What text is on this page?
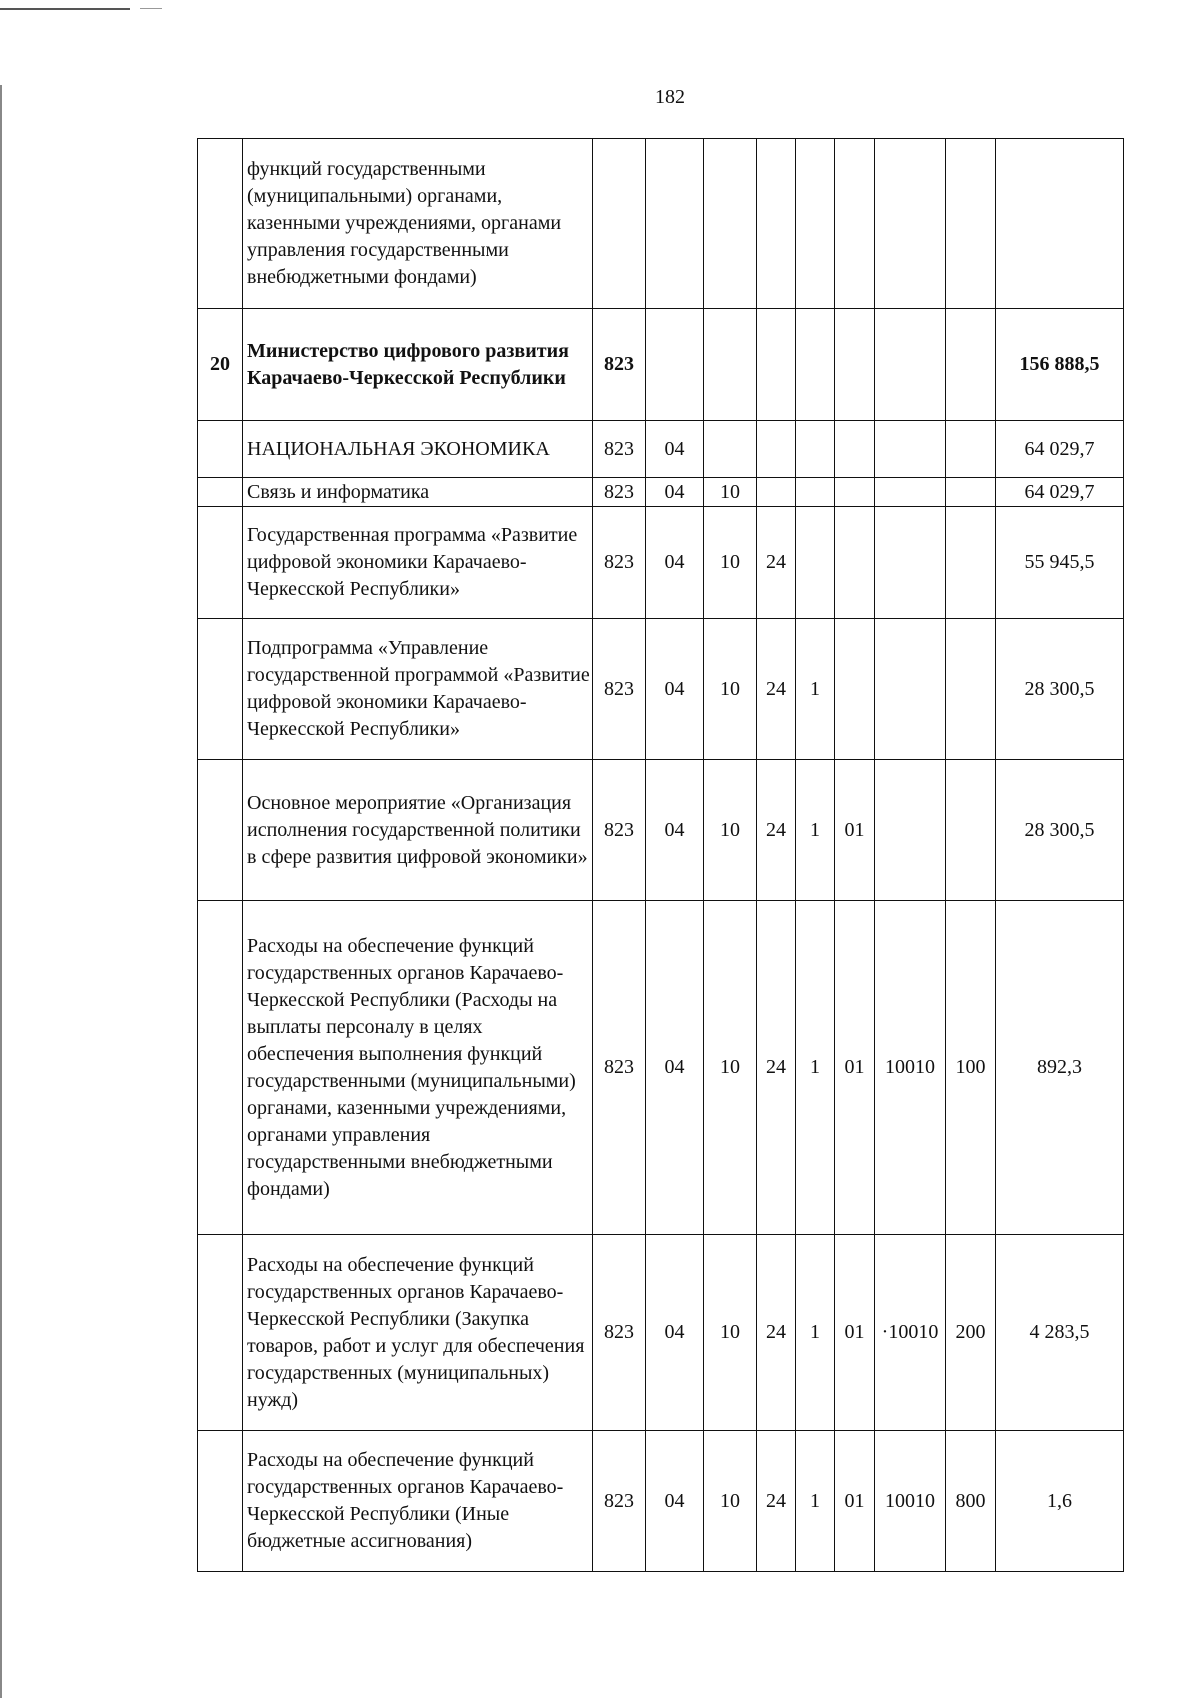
182
	функций государственными (муниципальными) органами, казенными учреждениями, органами управления государственными внебюджетными фондами)									
20	Министерство цифрового развития Карачаево-Черкесской Республики	823								156 888,5
	НАЦИОНАЛЬНАЯ ЭКОНОМИКА	823	04							64 029,7
	Связь и информатика	823	04	10						64 029,7
	Государственная программа «Развитие цифровой экономики Карачаево-Черкесской Республики»	823	04	10	24					55 945,5
	Подпрограмма «Управление государственной программой «Развитие цифровой экономики Карачаево-Черкесской Республики»	823	04	10	24	1				28 300,5
	Основное мероприятие «Организация исполнения государственной политики в сфере развития цифровой экономики»	823	04	10	24	1	01			28 300,5
	Расходы на обеспечение функций государственных органов Карачаево-Черкесской Республики (Расходы на выплаты персоналу в целях обеспечения выполнения функций государственными (муниципальными) органами, казенными учреждениями, органами управления государственными внебюджетными фондами)	823	04	10	24	1	01	10010	100	892,3
	Расходы на обеспечение функций государственных органов Карачаево-Черкесской Республики (Закупка товаров, работ и услуг для обеспечения государственных (муниципальных) нужд)	823	04	10	24	1	01	·10010	200	4 283,5
	Расходы на обеспечение функций государственных органов Карачаево-Черкесской Республики (Иные бюджетные ассигнования)	823	04	10	24	1	01	10010	800	1,6
